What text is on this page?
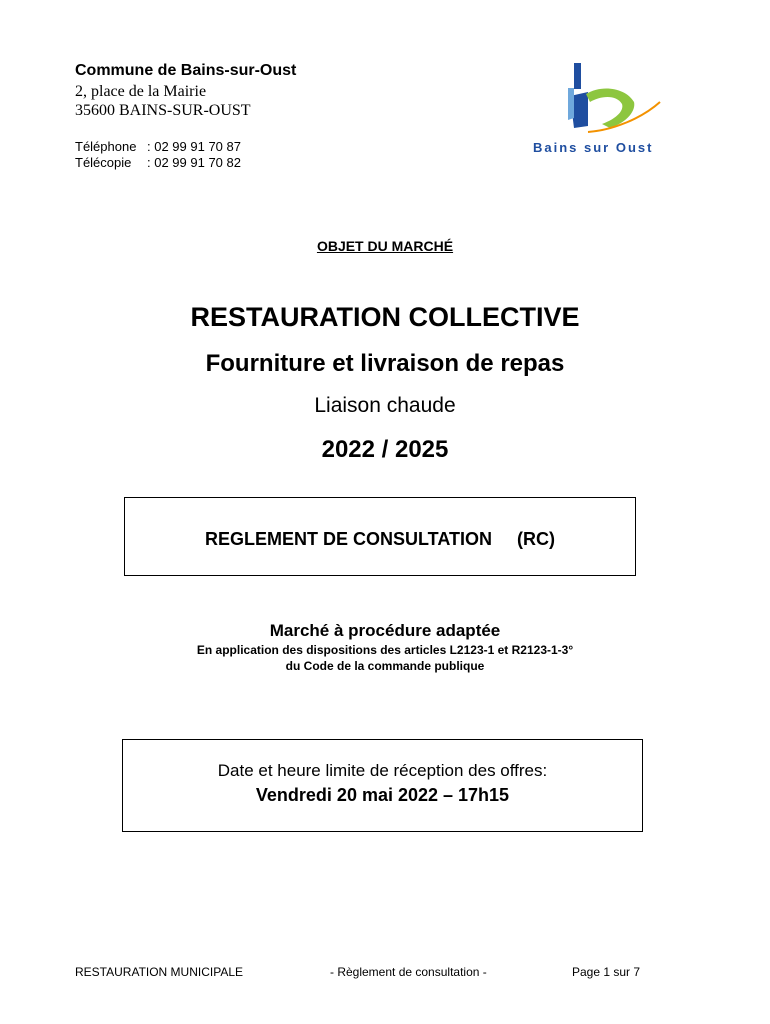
Commune de Bains-sur-Oust
2, place de la Mairie
35600 BAINS-SUR-OUST
Téléphone : 02 99 91 70 87
Télécopie	: 02 99 91 70 82
Bains sur Oust
OBJET DU MARCHÉ
RESTAURATION COLLECTIVE
Fourniture et livraison de repas
Liaison chaude
2022 / 2025
REGLEMENT DE CONSULTATION     (RC)
Marché à procédure adaptée
En application des dispositions des articles L2123-1 et R2123-1-3°
du Code de la commande publique
Date et heure limite de réception des offres:
Vendredi 20 mai 2022 – 17h15
RESTAURATION MUNICIPALE	- Règlement de consultation -	Page 1 sur 7
